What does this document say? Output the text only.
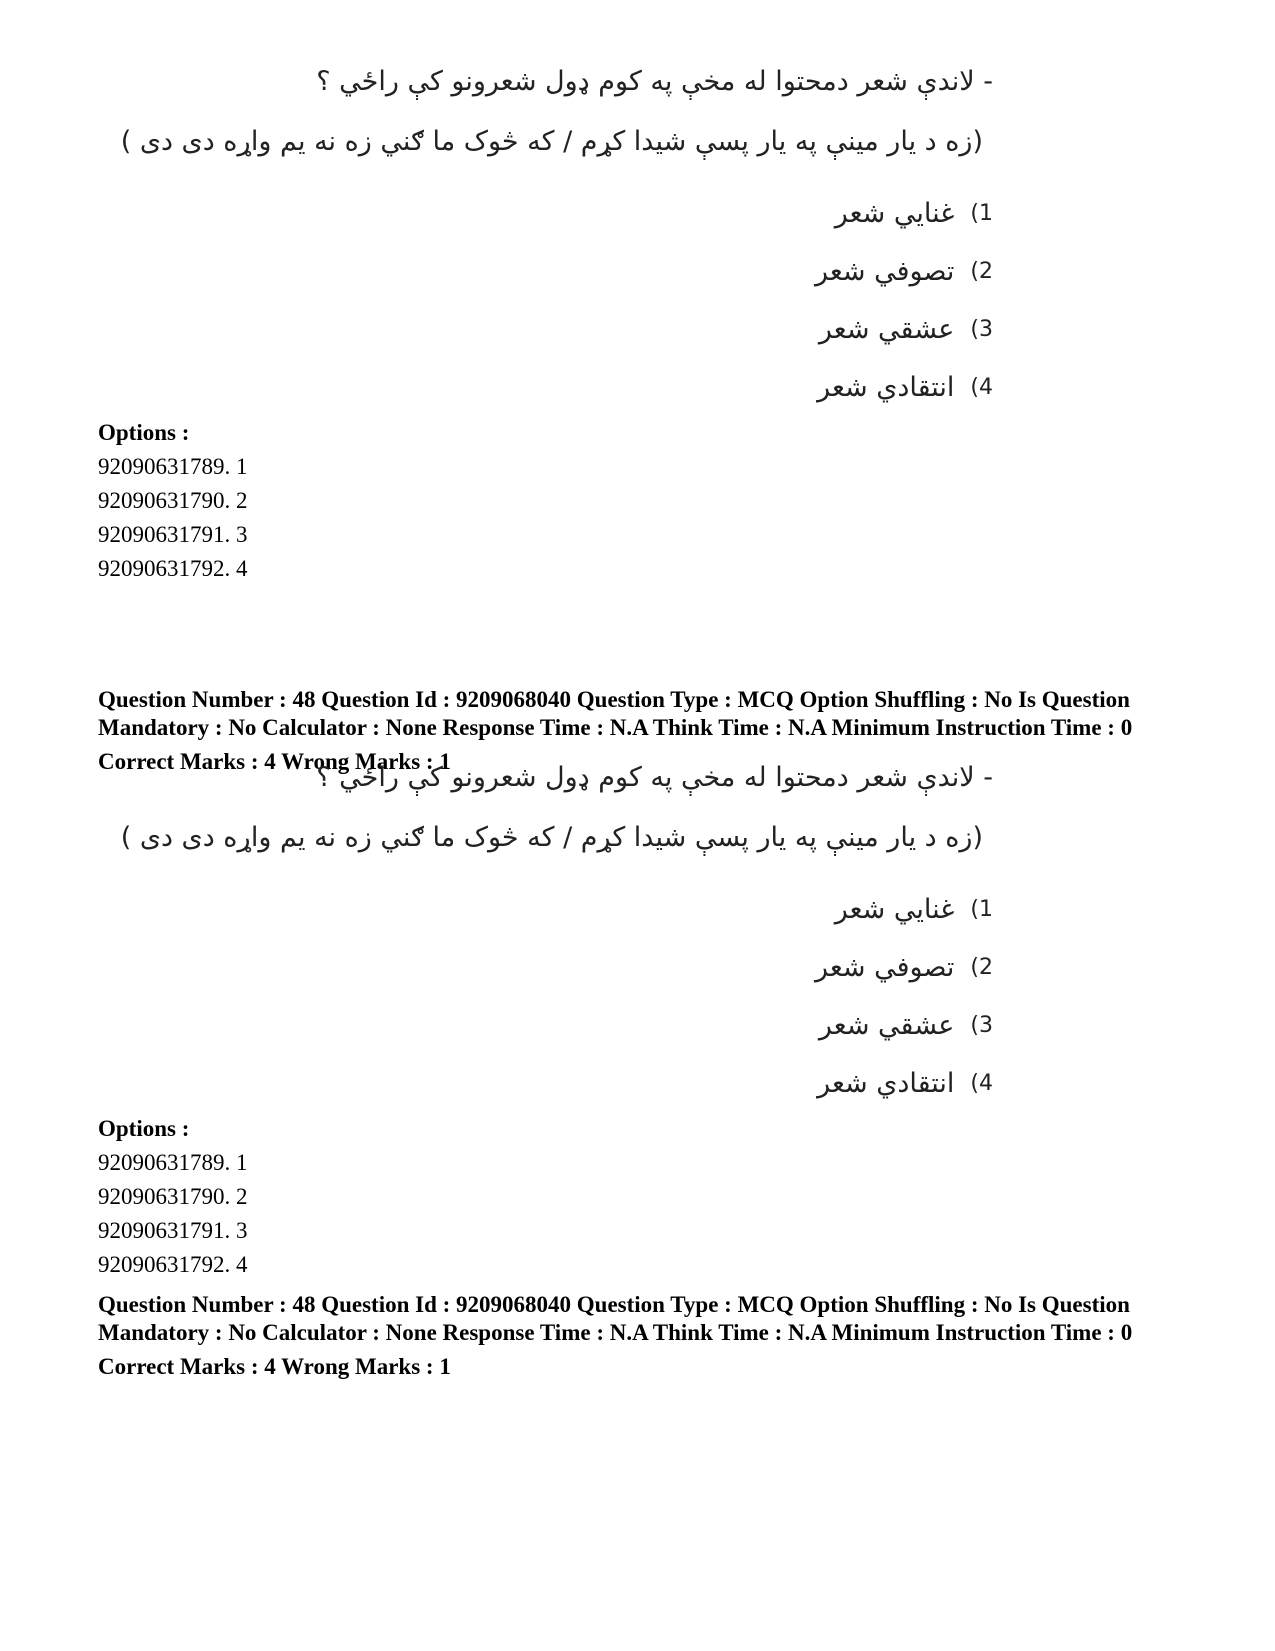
- لاندې شعر دمحتوا له مخې په کوم ډول شعرونو کې راځي ؟
(زه د يار مينې په يار پسې شيدا کړم / که څوک ما ګني زه نه يم واړه دی دی )
1)
غنايي شعر
2)
تصوفي شعر
3)
عشقي شعر
4)
انتقادي شعر
Options :
92090631789. 1
92090631790. 2
92090631791. 3
92090631792. 4
Question Number : 48 Question Id : 9209068040 Question Type : MCQ Option Shuffling : No Is Question Mandatory : No Calculator : None Response Time : N.A Think Time : N.A Minimum Instruction Time : 0
Correct Marks : 4 Wrong Marks : 1
- لاندې شعر دمحتوا له مخې په کوم ډول شعرونو کې راځي ؟
(زه د يار مينې په يار پسې شيدا کړم / که څوک ما ګني زه نه يم واړه دی دی )
1)
غنايي شعر
2)
تصوفي شعر
3)
عشقي شعر
4)
انتقادي شعر
Options :
92090631789. 1
92090631790. 2
92090631791. 3
92090631792. 4
Question Number : 48 Question Id : 9209068040 Question Type : MCQ Option Shuffling : No Is Question Mandatory : No Calculator : None Response Time : N.A Think Time : N.A Minimum Instruction Time : 0
Correct Marks : 4 Wrong Marks : 1
